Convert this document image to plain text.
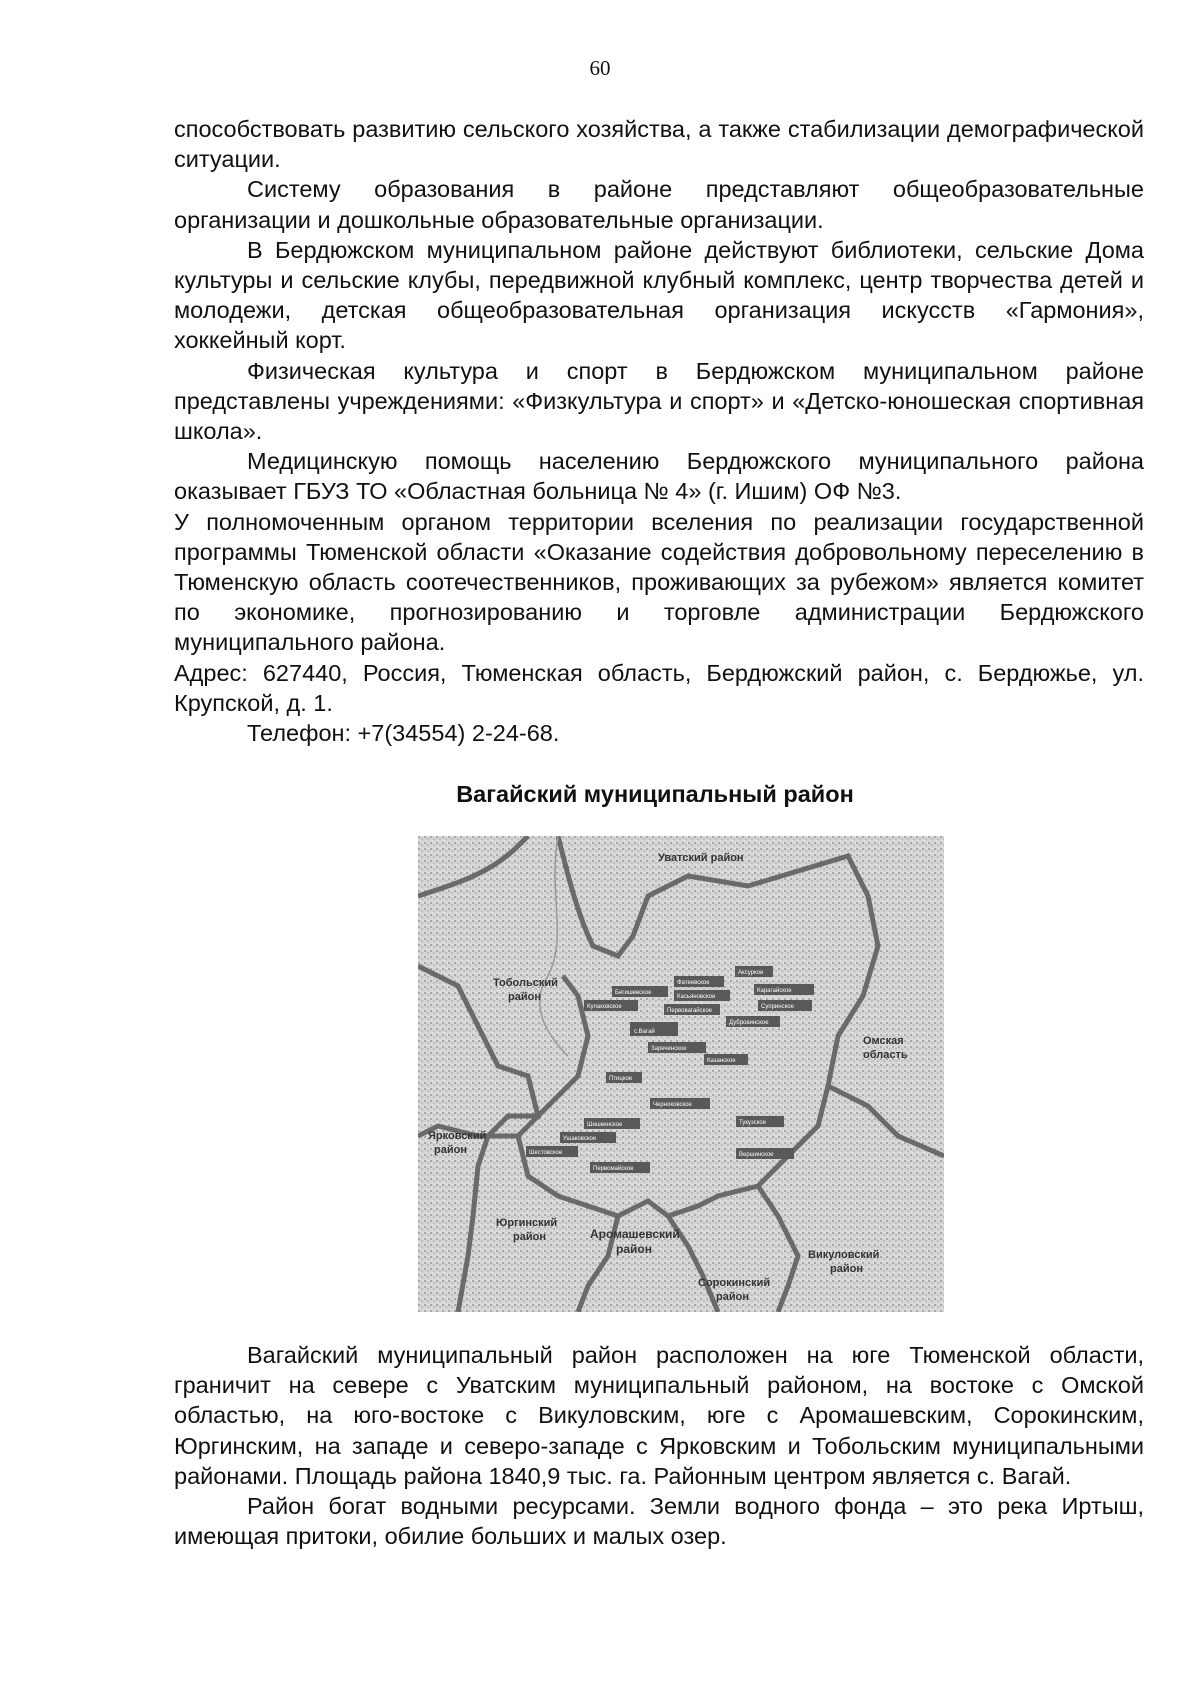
60

способствовать развитию сельского хозяйства, а также стабилизации демографической ситуации.

Систему образования в районе представляют общеобразовательные организации и дошкольные образовательные организации.

В Бердюжском муниципальном районе действуют библиотеки, сельские Дома культуры и сельские клубы, передвижной клубный комплекс, центр творчества детей и молодежи, детская общеобразовательная организация искусств «Гармония», хоккейный корт.

Физическая культура и спорт в Бердюжском муниципальном районе представлены учреждениями: «Физкультура и спорт» и «Детско-юношеская спортивная школа».

Медицинскую помощь населению Бердюжского муниципального района оказывает ГБУЗ ТО «Областная больница № 4» (г. Ишим) ОФ №3.

У полномоченным органом территории вселения по реализации государственной программы Тюменской области «Оказание содействия добровольному переселению в Тюменскую область соотечественников, проживающих за рубежом» является комитет по экономике, прогнозированию и торговле администрации Бердюжского муниципального района.

Адрес: 627440, Россия, Тюменская область, Бердюжский район, с. Бердюжье, ул. Крупской, д. 1.

Телефон: +7(34554) 2-24-68.

Вагайский муниципальный район
Уватский район
Тобольский
район
Омская
область
Ярковский
район
Юргинский
район	Аромашевский
район	Викуловский
район
Сорокинский
район
Фатеевское
Аксуркое
Бегишевское
Касьяновское
Карагайское
Кулаковское
Первовагайское
Супринское
Дубровинское
Зареченское
Казанское
Птицкое
Черноковское
Шишкинское	Тукузское
Ушаковское
Шестовское
Первомайское
Вершинское
с.Вагай

Вагайский муниципальный район расположен на юге Тюменской области, граничит на севере с Уватским муниципальный районом, на востоке с Омской областью, на юго-востоке с Викуловским, юге с Аромашевским, Сорокинским, Юргинским, на западе и северо-западе с Ярковским и Тобольским муниципальными районами. Площадь района 1840,9 тыс. га. Районным центром является с. Вагай.

Район богат водными ресурсами. Земли водного фонда – это река Иртыш, имеющая притоки, обилие больших и малых озер.
